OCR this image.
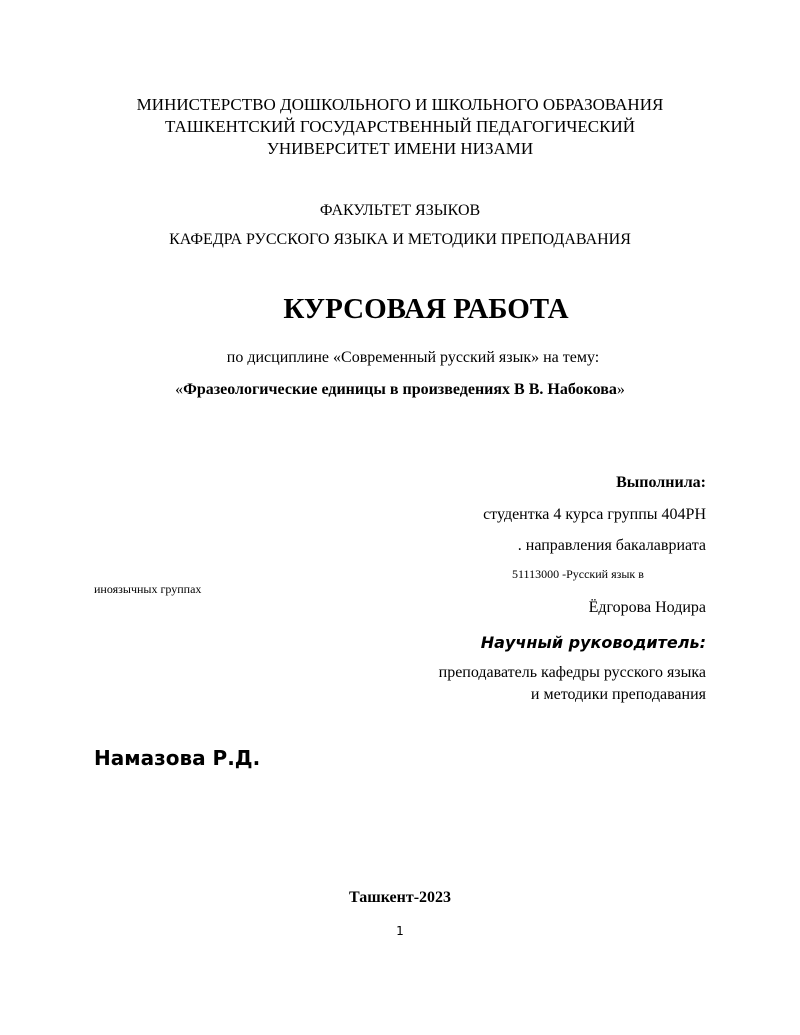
МИНИСТЕРСТВО ДОШКОЛЬНОГО И ШКОЛЬНОГО ОБРАЗОВАНИЯ
ТАШКЕНТСКИЙ ГОСУДАРСТВЕННЫЙ ПЕДАГОГИЧЕСКИЙ
УНИВЕРСИТЕТ ИМЕНИ НИЗАМИ
ФАКУЛЬТЕТ ЯЗЫКОВ
КАФЕДРА РУССКОГО ЯЗЫКА И МЕТОДИКИ ПРЕПОДАВАНИЯ
КУРСОВАЯ РАБОТА
по дисциплине «Современный русский язык» на тему:
«Фразеологические единицы в произведениях В В. Набокова»
Выполнила:
студентка 4 курса группы 404РН
. направления бакалавриата
51113000 -Русский язык в
иноязычных группах
Ёдгорова Нодира
Научный руководитель:
преподаватель кафедры русского языка
и методики преподавания
Намазова Р.Д.
Ташкент-2023
1
